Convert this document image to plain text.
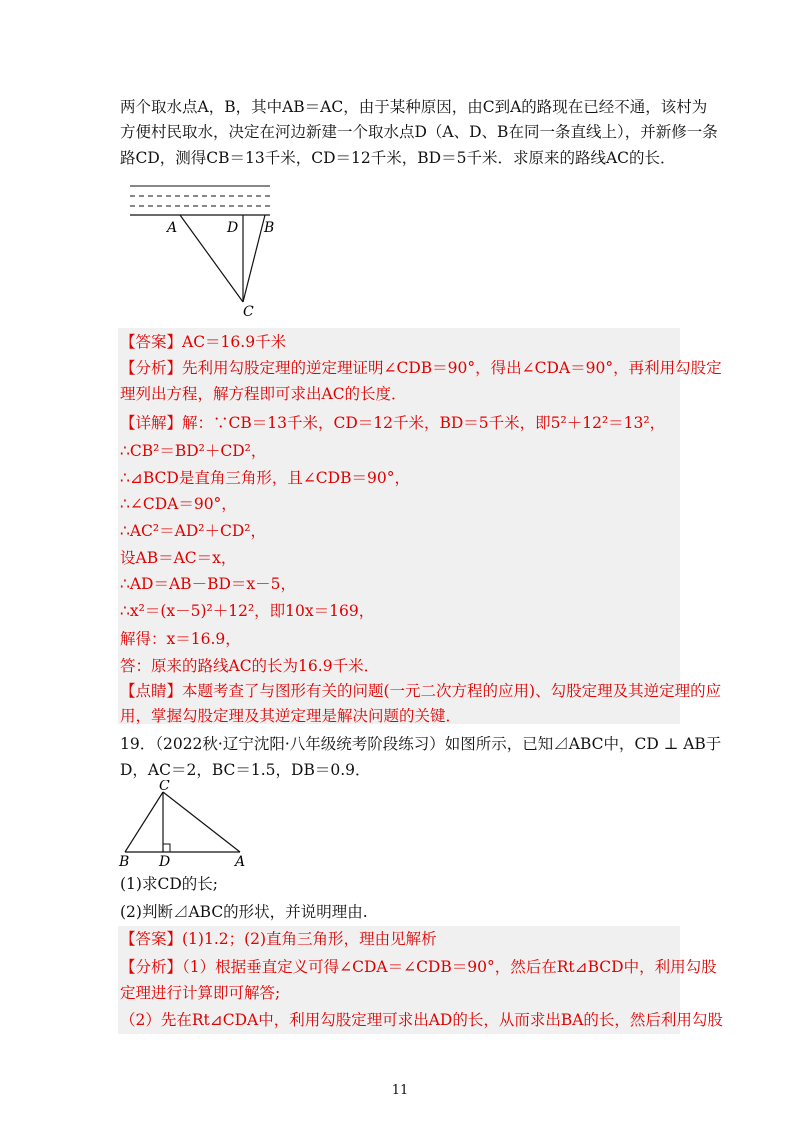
两个取水点A，B，其中AB＝AC，由于某种原因，由C到A的路现在已经不通，该村为
方便村民取水，决定在河边新建一个取水点D（A、D、B在同一条直线上），并新修一条
路CD，测得CB＝13千米，CD＝12千米，BD＝5千米．求原来的路线AC的长．
A	D B
C
【答案】AC＝16.9千米
【分析】先利用勾股定理的逆定理证明∠CDB＝90°，得出∠CDA＝90°，再利用勾股定
理列出方程，解方程即可求出AC的长度．
【详解】解：∵CB＝13千米，CD＝12千米，BD＝5千米，即5²＋12²＝13²，
∴CB²＝BD²＋CD²，
∴⊿BCD是直角三角形，且∠CDB＝90°，
∴∠CDA＝90°，
∴AC²＝AD²＋CD²，
设AB＝AC＝x，
∴AD＝AB－BD＝x－5，
∴x²＝(x－5)²＋12²，即10x＝169，
解得：x＝16.9，
答：原来的路线AC的长为16.9千米．
【点睛】本题考查了与图形有关的问题(一元二次方程的应用)、勾股定理及其逆定理的应
用，掌握勾股定理及其逆定理是解决问题的关键．
19．（2022秋·辽宁沈阳·八年级统考阶段练习）如图所示，已知⊿ABC中，CD ⊥ AB于
D，AC＝2，BC＝1.5，DB＝0.9．
C
B D	A
(1)求CD的长;
(2)判断⊿ABC的形状，并说明理由.
【答案】(1)1.2；(2)直角三角形，理由见解析
【分析】（1）根据垂直定义可得∠CDA＝∠CDB＝90°，然后在Rt⊿BCD中，利用勾股
定理进行计算即可解答;
（2）先在Rt⊿CDA中，利用勾股定理可求出AD的长，从而求出BA的长，然后利用勾股
11
